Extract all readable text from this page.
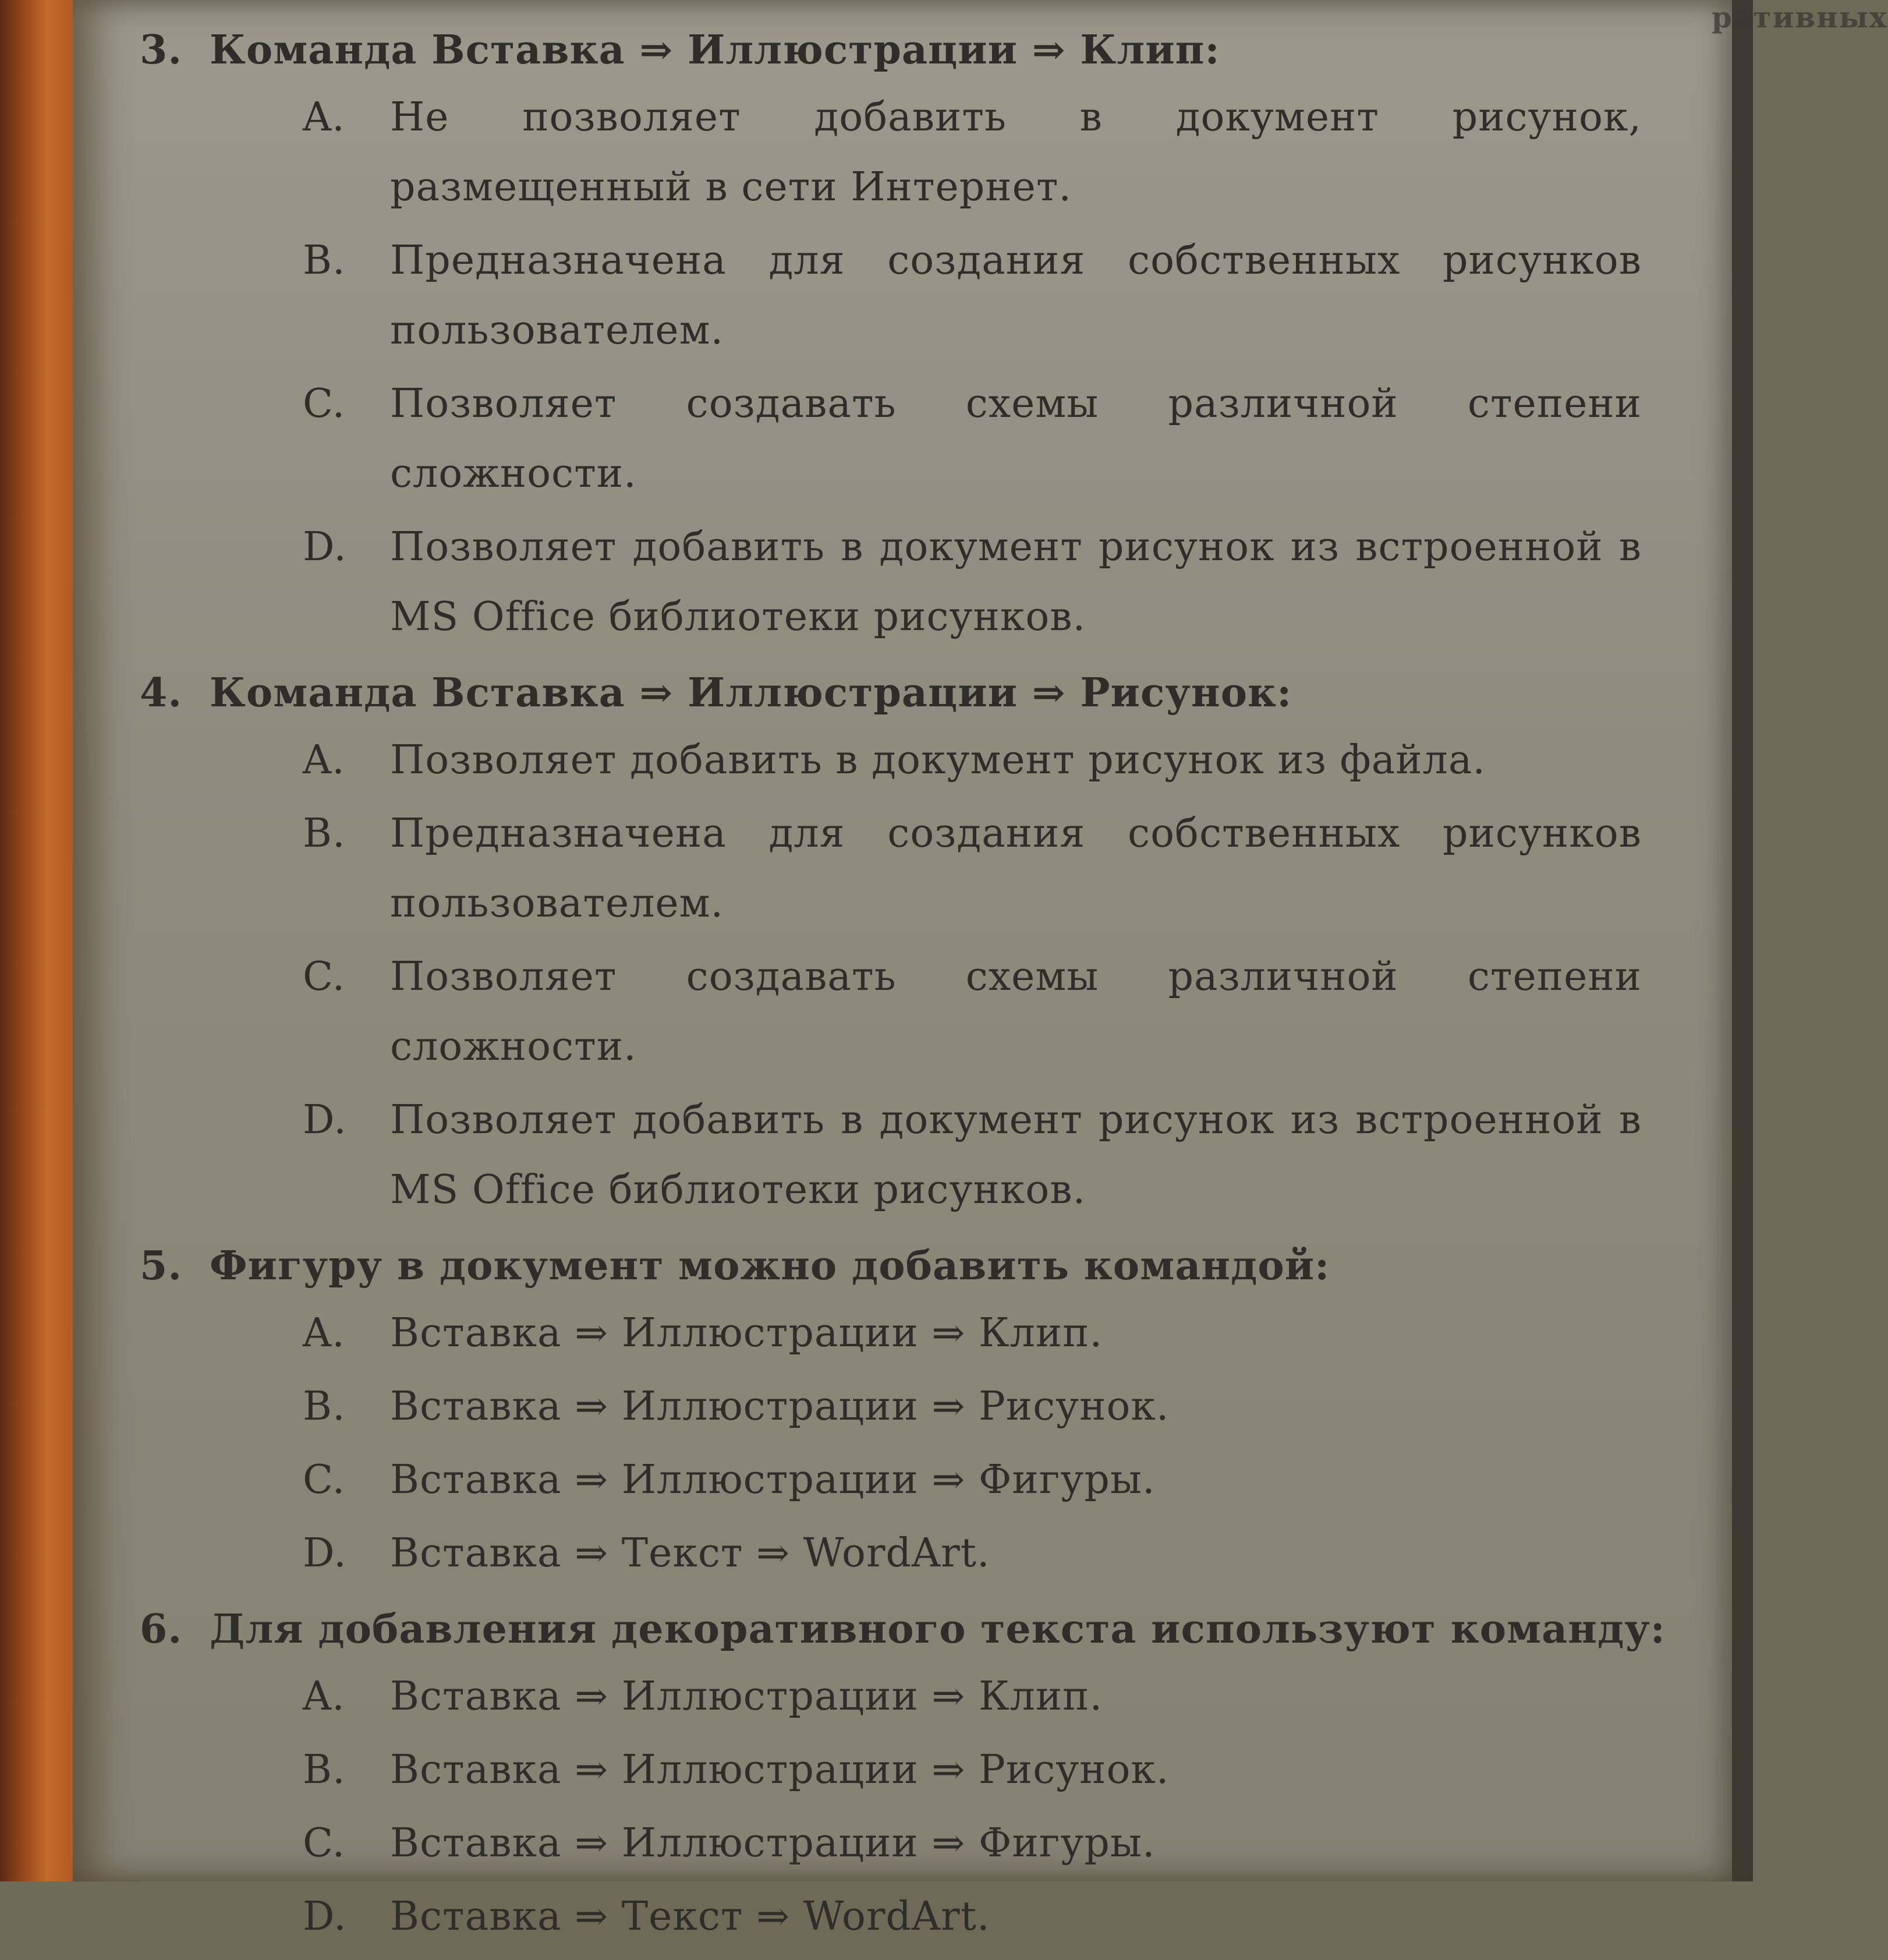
ративных
3. Команда Вставка ⇒ Иллюстрации ⇒ Клип:
A.	Не позволяет добавить в документ рисунок, размещенный в сети Интернет.
B.	Предназначена для создания собственных рисунков пользователем.
C.	Позволяет создавать схемы различной степени сложности.
D.	Позволяет добавить в документ рисунок из встроенной в MS Office библиотеки рисунков.
4. Команда Вставка ⇒ Иллюстрации ⇒ Рисунок:
A.	Позволяет добавить в документ рисунок из файла.
B.	Предназначена для создания собственных рисунков пользователем.
C.	Позволяет создавать схемы различной степени сложности.
D.	Позволяет добавить в документ рисунок из встроенной в MS Office библиотеки рисунков.
5. Фигуру в документ можно добавить командой:
A.	Вставка ⇒ Иллюстрации ⇒ Клип.
B.	Вставка ⇒ Иллюстрации ⇒ Рисунок.
C.	Вставка ⇒ Иллюстрации ⇒ Фигуры.
D.	Вставка ⇒ Текст ⇒ WordArt.
6. Для добавления декоративного текста используют команду:
A.	Вставка ⇒ Иллюстрации ⇒ Клип.
B.	Вставка ⇒ Иллюстрации ⇒ Рисунок.
C.	Вставка ⇒ Иллюстрации ⇒ Фигуры.
D.	Вставка ⇒ Текст ⇒ WordArt.
